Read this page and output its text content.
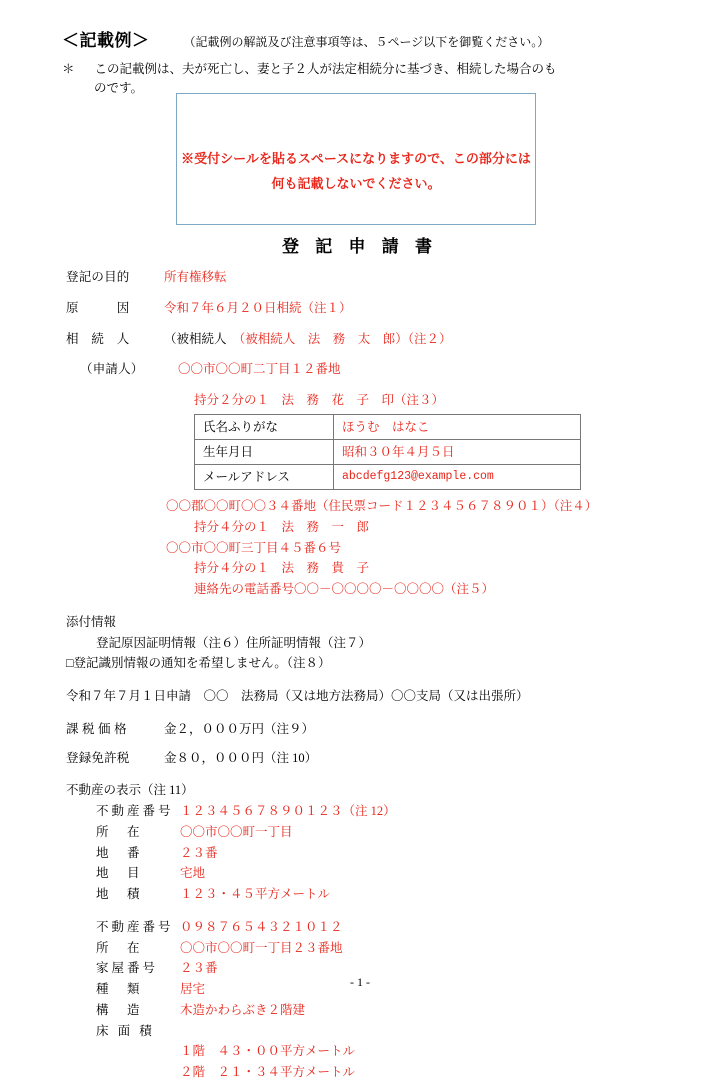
＜記載例＞	（記載例の解説及び注意事項等は、５ページ以下を御覧ください。）
＊ この記載例は、夫が死亡し、妻と子２人が法定相続分に基づき、相続した場合のも
のです。
※受付シールを貼るスペースになりますので、この部分には
何も記載しないでください。
登 記 申 請 書
登記の目的	所有権移転
原　　　因	令和７年６月２０日相続（注１）
相　続　人	（被相続人　（被相続人　法　務　太　郎）（注２）
（申請人）	〇〇市〇〇町二丁目１２番地
持分２分の１　法　務　花　子　印（注３）
氏名ふりがな	ほうむ　はなこ
生年月日	昭和３０年４月５日
メールアドレス	abcdefg123@example.com
〇〇郡〇〇町〇〇３４番地（住民票コード１２３４５６７８９０１）（注４）
持分４分の１　法　務　一　郎
〇〇市〇〇町三丁目４５番６号
持分４分の１　法　務　貴　子
連絡先の電話番号〇〇－〇〇〇〇－〇〇〇〇（注５）
添付情報
登記原因証明情報（注６）住所証明情報（注７）
□登記識別情報の通知を希望しません。（注８）
令和７年７月１日申請　〇〇　法務局（又は地方法務局）〇〇支局（又は出張所）
課 税 価 格	金２，０００万円（注９）
登録免許税	金８０，０００円（注 10）
不動産の表示（注 11）
不動産番号 １２３４５６７８９０１２３（注 12）
所　在	〇〇市〇〇町一丁目
地　番	２３番
地　目	宅地
地　積	１２３・４５平方メートル
不動産番号 ０９８７６５４３２１０１２
所　在	〇〇市〇〇町一丁目２３番地
家屋番号 ２３番
種　類	居宅
構　造	木造かわらぶき２階建
床 面 積
１階　４３・００平方メートル
２階　２１・３４平方メートル
- 1 -
